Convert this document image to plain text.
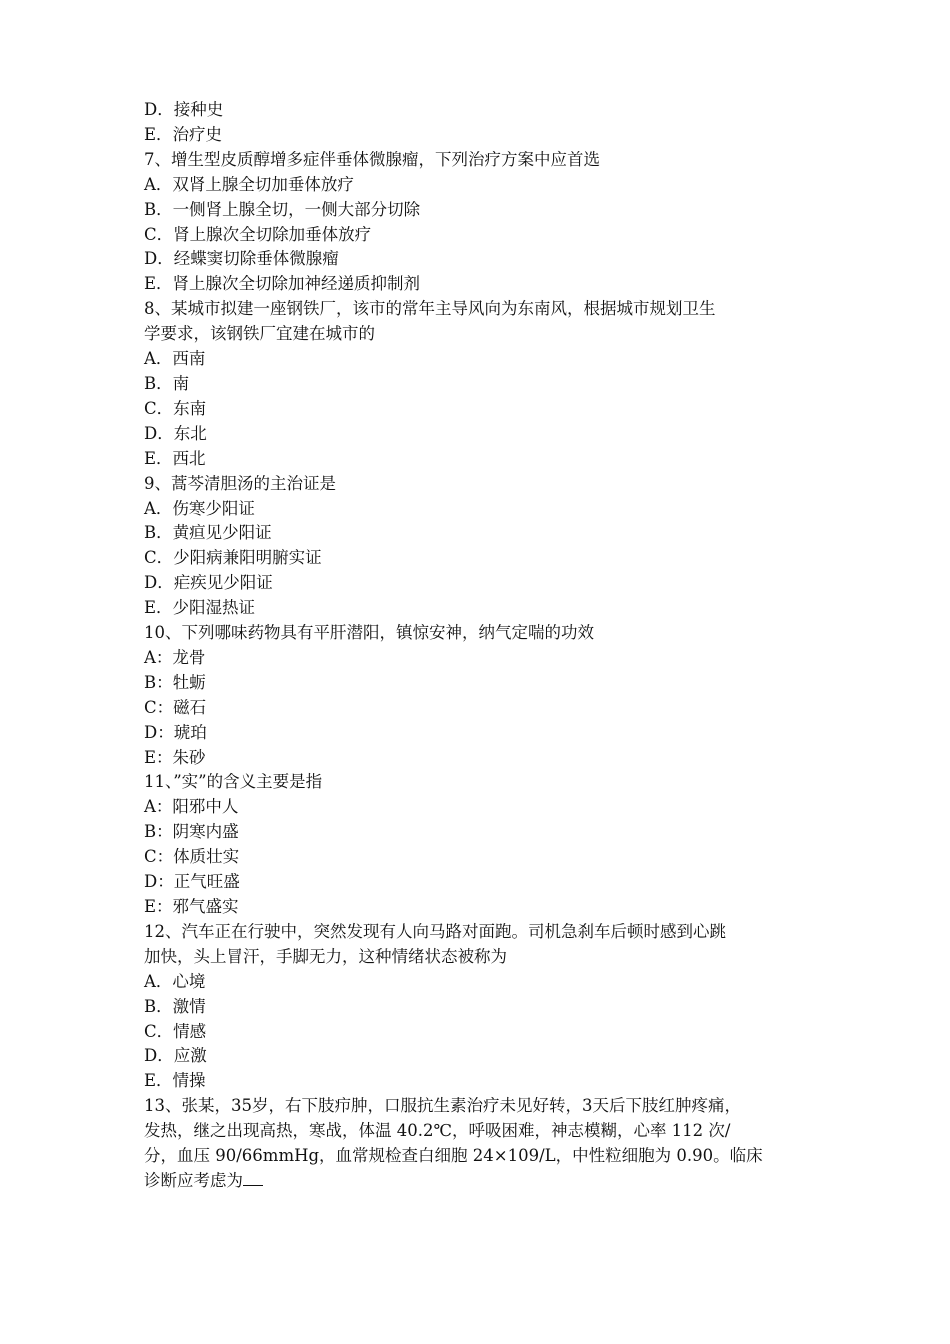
D．接种史

E．治疗史

7、增生型皮质醇增多症伴垂体微腺瘤，下列治疗方案中应首选

A．双肾上腺全切加垂体放疗

B．一侧肾上腺全切，一侧大部分切除

C．肾上腺次全切除加垂体放疗

D．经蝶窦切除垂体微腺瘤

E．肾上腺次全切除加神经递质抑制剂

8、某城市拟建一座钢铁厂，该市的常年主导风向为东南风，根据城市规划卫生

学要求，该钢铁厂宜建在城市的

A．西南

B．南

C．东南

D．东北

E．西北

9、蒿芩清胆汤的主治证是

A．伤寒少阳证

B．黄疸见少阳证

C．少阳病兼阳明腑实证

D．疟疾见少阳证

E．少阳湿热证

10、下列哪味药物具有平肝潜阳，镇惊安神，纳气定喘的功效

A：龙骨

B：牡蛎

C：磁石

D：琥珀

E：朱砂

11、”实”的含义主要是指

A：阳邪中人

B：阴寒内盛

C：体质壮实

D：正气旺盛

E：邪气盛实

12、汽车正在行驶中，突然发现有人向马路对面跑。司机急刹车后顿时感到心跳

加快，头上冒汗，手脚无力，这种情绪状态被称为

A．心境

B．激情

C．情感

D．应激

E．情操

13、张某，35岁，右下肢疖肿，口服抗生素治疗未见好转，3天后下肢红肿疼痛，

发热，继之出现高热，寒战，体温 40.2℃，呼吸困难，神志模糊，心率 112 次/

分，血压 90/66mmHg，血常规检查白细胞 24×109/L，中性粒细胞为 0.90。临床

诊断应考虑为
